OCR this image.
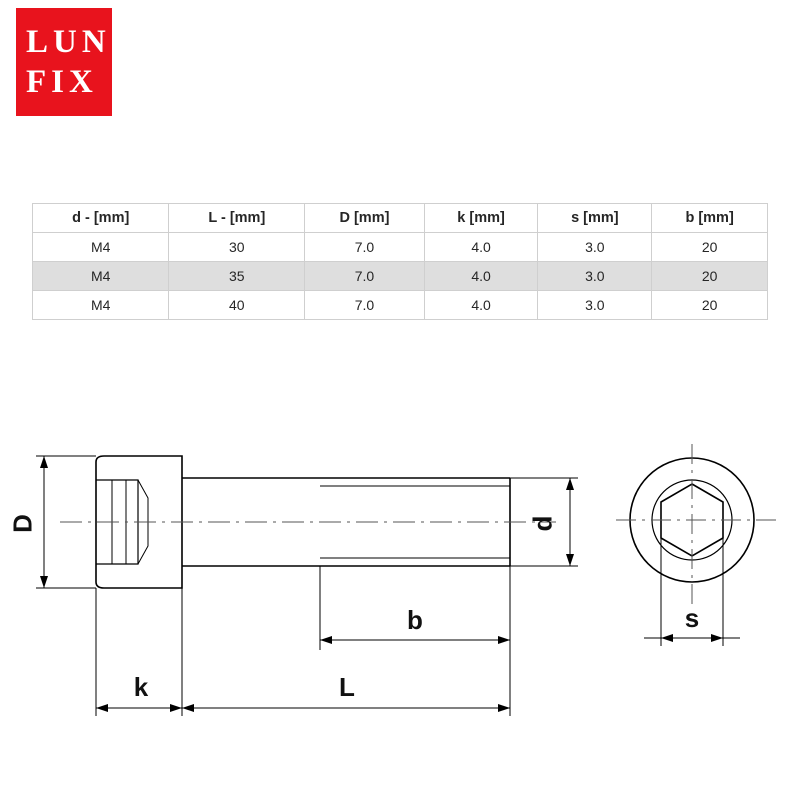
LUN
FIX
d - [mm]	L - [mm]	D [mm]	k [mm]	s [mm]	b [mm]
M4	30	7.0	4.0	3.0	20
M4	35	7.0	4.0	3.0	20
M4	40	7.0	4.0	3.0	20
D	d
b
k	L
s
